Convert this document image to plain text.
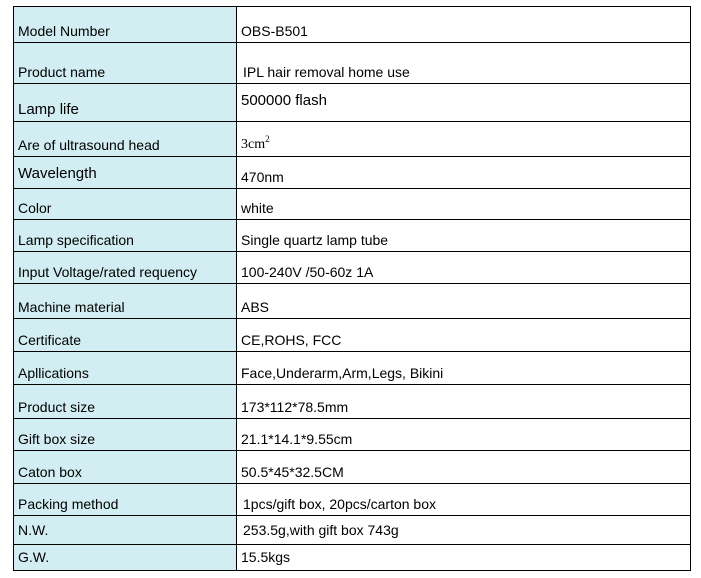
Model Number	OBS-B501
Product name	IPL hair removal home use
Lamp life	500000 flash
Are of ultrasound head	$3cm^2$
Wavelength	470nm
Color	white
Lamp specification	Single quartz lamp tube
Input Voltage/rated requency	100-240V /50-60z 1A
Machine material	ABS
Certificate	CE,ROHS, FCC
Apllications	Face,Underarm,Arm,Legs, Bikini
Product size	173*112*78.5mm
Gift box size	21.1*14.1*9.55cm
Caton box	50.5*45*32.5CM
Packing method	1pcs/gift box, 20pcs/carton box
N.W.	253.5g,with gift box 743g
G.W.	15.5kgs
